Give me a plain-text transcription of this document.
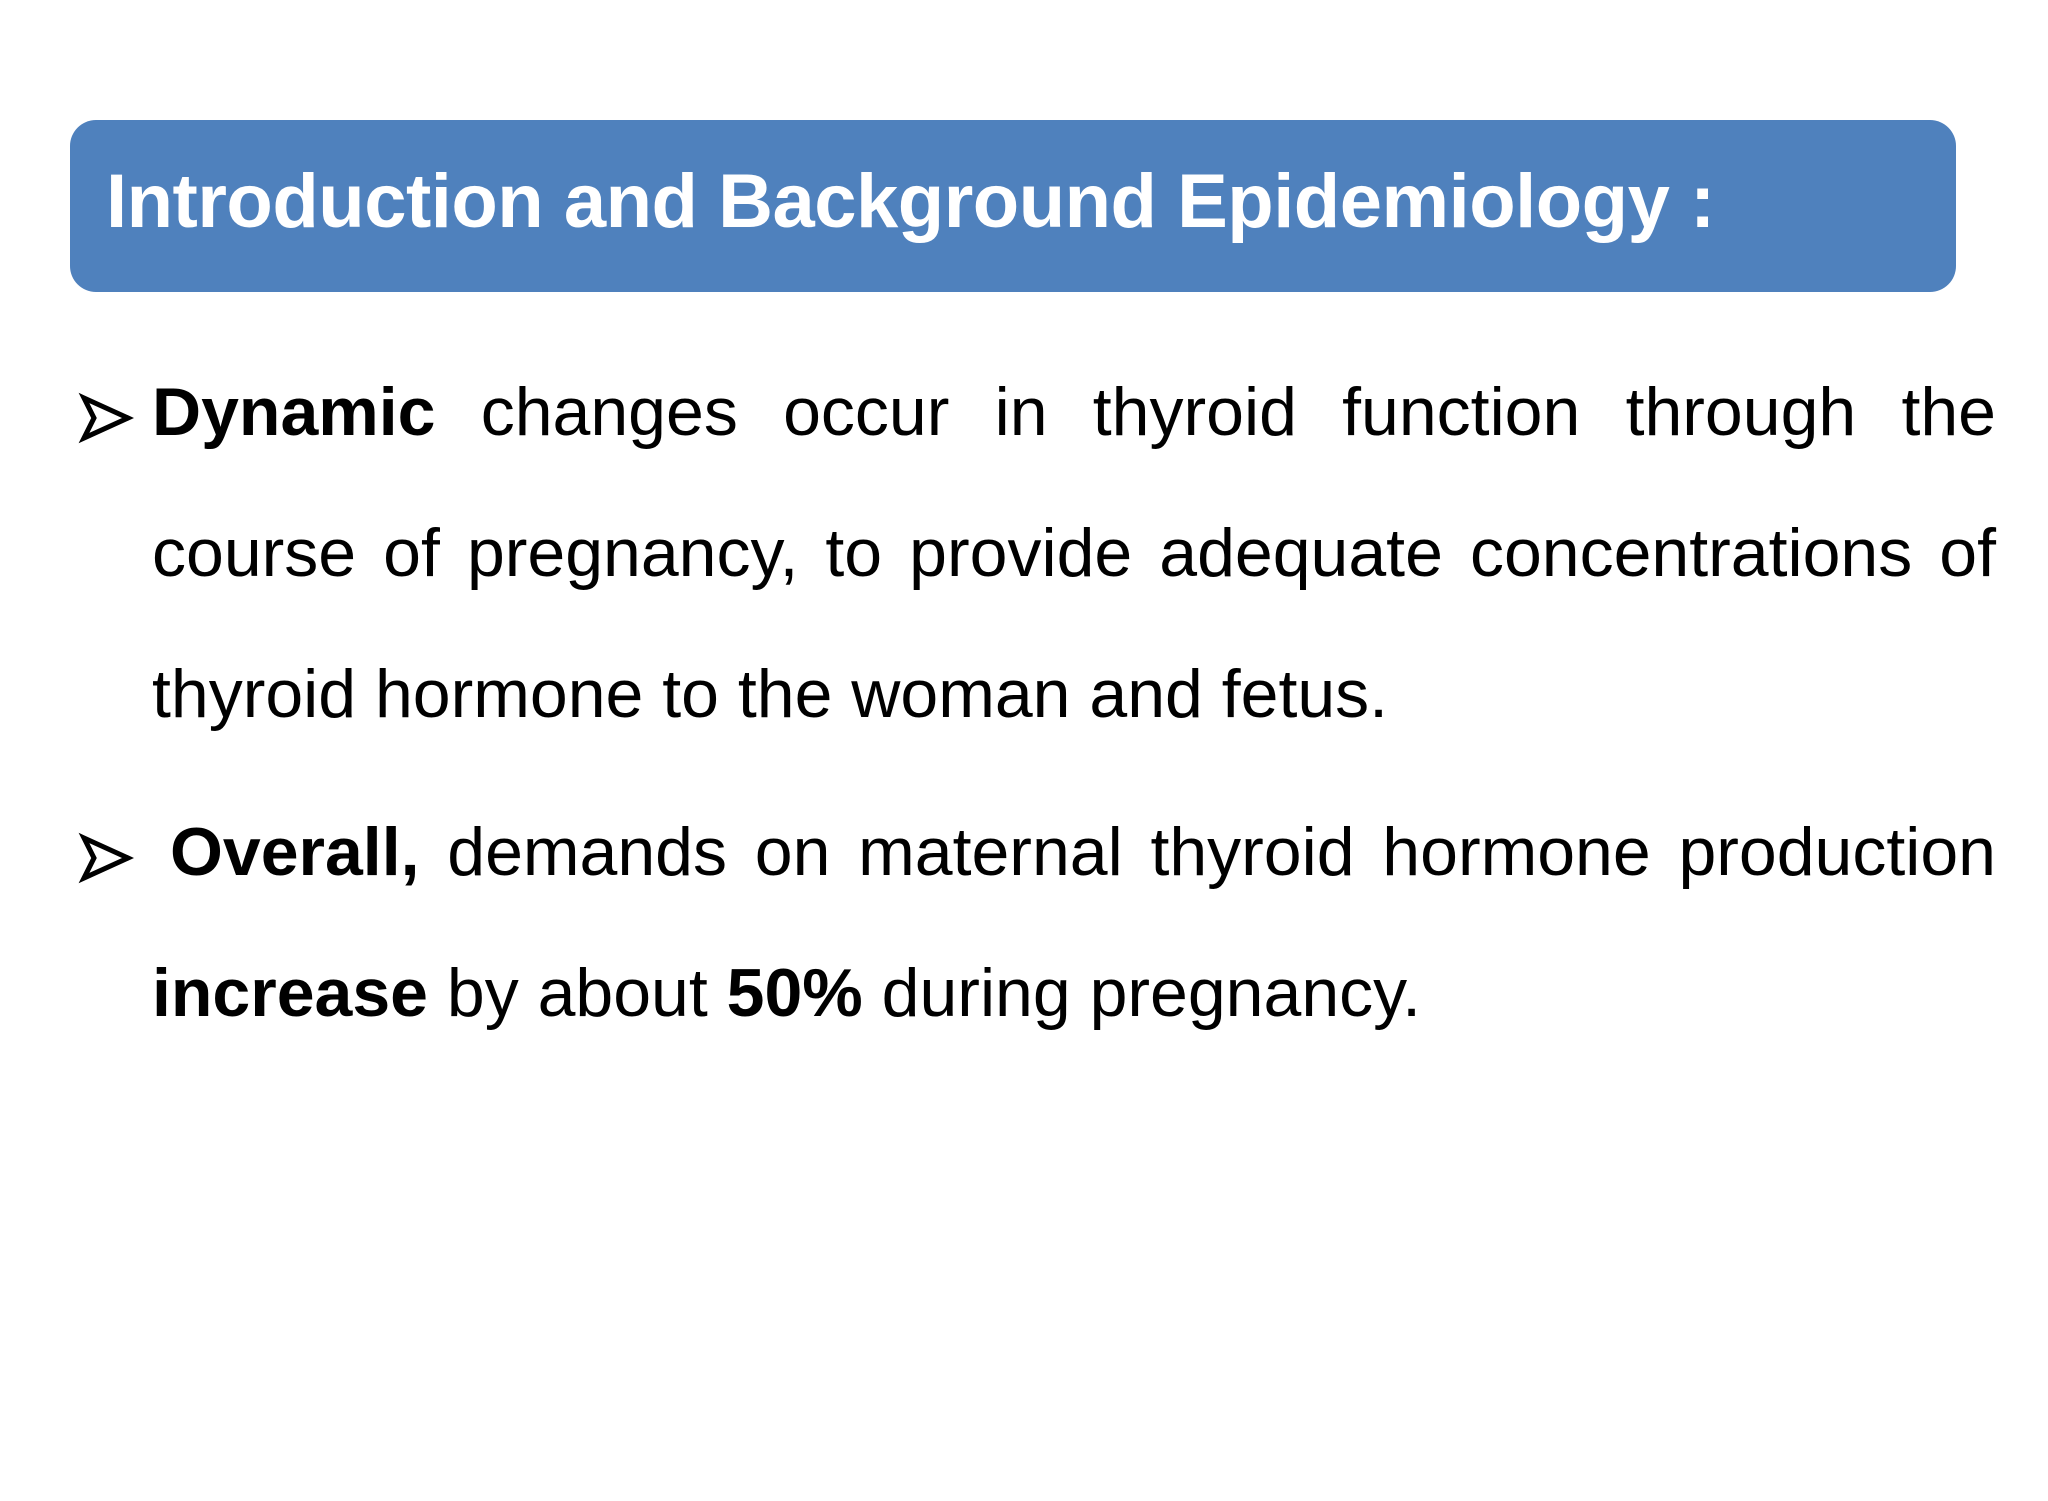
Introduction and Background Epidemiology :
Dynamic changes occur in thyroid function through the course of pregnancy, to provide adequate concentrations of thyroid hormone to the woman and fetus.
Overall, demands on maternal thyroid hormone production increase by about 50% during pregnancy.
